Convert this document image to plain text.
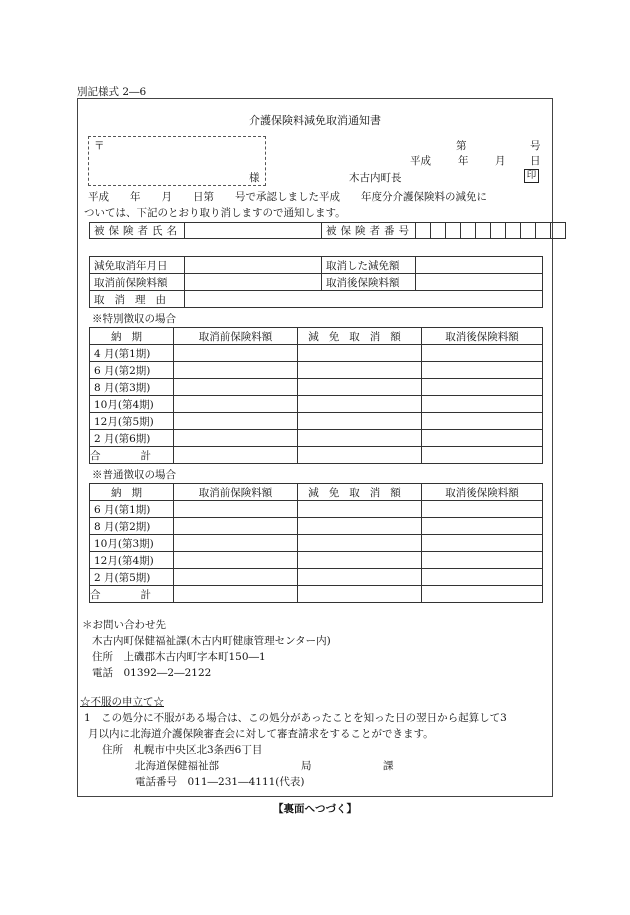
別記様式 2―6
介護保険料減免取消通知書
〒
様
第	号
平成	年	月 日
木古内町長	印
平成　　年　　月　　日第　　号で承認しました平成　　年度分介護保険料の減免に
ついては、下記のとおり取り消しますので通知します。
被保険者氏名		被保険者番号										
減免取消年月日		取消した減免額	
取消前保険料額		取消後保険料額	
取消理由			
※特別徴収の場合
納期	取消前保険料額	減免取消額	取消後保険料額
4 月(第1期)			
6 月(第2期)			
8 月(第3期)			
10月(第4期)			
12月(第5期)			
2 月(第6期)			
合計			
※普通徴収の場合
納期	取消前保険料額	減免取消額	取消後保険料額
6 月(第1期)			
8 月(第2期)			
10月(第3期)			
12月(第4期)			
2 月(第5期)			
合計			
＊お問い合わせ先
木古内町保健福祉課(木古内町健康管理センター内)
住所　上磯郡木古内町字本町150―1
電話　01392―2―2122
☆不服の申立て☆
1　この処分に不服がある場合は、この処分があったことを知った日の翌日から起算して3
月以内に北海道介護保険審査会に対して審査請求をすることができます。
住所　札幌市中央区北3条西6丁目
北海道保健福祉部	局	課
電話番号　011―231―4111(代表)
【裏面へつづく】
